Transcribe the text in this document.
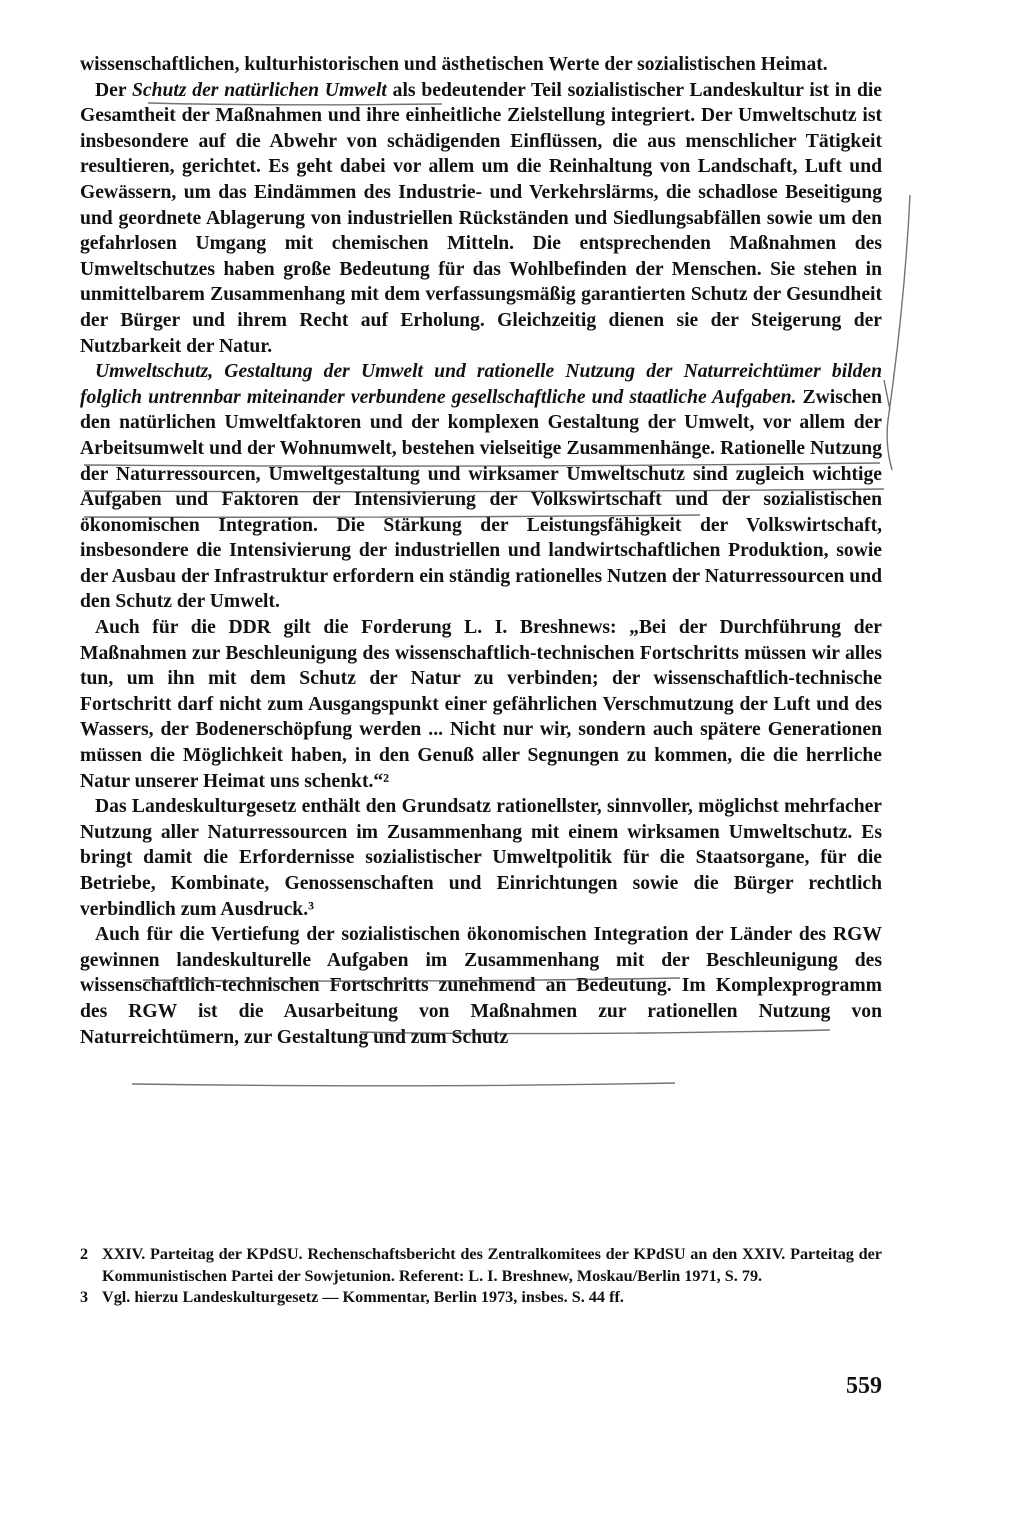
wissenschaftlichen, kulturhistorischen und ästhetischen Werte der sozialistischen Heimat.

Der Schutz der natürlichen Umwelt als bedeutender Teil sozialistischer Landeskultur ist in die Gesamtheit der Maßnahmen und ihre einheitliche Zielstellung integriert. Der Umweltschutz ist insbesondere auf die Abwehr von schädigenden Einflüssen, die aus menschlicher Tätigkeit resultieren, gerichtet. Es geht dabei vor allem um die Reinhaltung von Landschaft, Luft und Gewässern, um das Eindämmen des Industrie- und Verkehrslärms, die schadlose Beseitigung und geordnete Ablagerung von industriellen Rückständen und Siedlungsabfällen sowie um den gefahrlosen Umgang mit chemischen Mitteln. Die entsprechenden Maßnahmen des Umweltschutzes haben große Bedeutung für das Wohlbefinden der Menschen. Sie stehen in unmittelbarem Zusammenhang mit dem verfassungsmäßig garantierten Schutz der Gesundheit der Bürger und ihrem Recht auf Erholung. Gleichzeitig dienen sie der Steigerung der Nutzbarkeit der Natur.

Umweltschutz, Gestaltung der Umwelt und rationelle Nutzung der Naturreichtümer bilden folglich untrennbar miteinander verbundene gesellschaftliche und staatliche Aufgaben. Zwischen den natürlichen Umweltfaktoren und der komplexen Gestaltung der Umwelt, vor allem der Arbeitsumwelt und der Wohnumwelt, bestehen vielseitige Zusammenhänge. Rationelle Nutzung der Naturressourcen, Umweltgestaltung und wirksamer Umweltschutz sind zugleich wichtige Aufgaben und Faktoren der Intensivierung der Volkswirtschaft und der sozialistischen ökonomischen Integration. Die Stärkung der Leistungsfähigkeit der Volkswirtschaft, insbesondere die Intensivierung der industriellen und landwirtschaftlichen Produktion, sowie der Ausbau der Infrastruktur erfordern ein ständig rationelles Nutzen der Naturressourcen und den Schutz der Umwelt.

Auch für die DDR gilt die Forderung L. I. Breshnews: „Bei der Durchführung der Maßnahmen zur Beschleunigung des wissenschaftlich-technischen Fortschritts müssen wir alles tun, um ihn mit dem Schutz der Natur zu verbinden; der wissenschaftlich-technische Fortschritt darf nicht zum Ausgangspunkt einer gefährlichen Verschmutzung der Luft und des Wassers, der Bodenerschöpfung werden ... Nicht nur wir, sondern auch spätere Generationen müssen die Möglichkeit haben, in den Genuß aller Segnungen zu kommen, die die herrliche Natur unserer Heimat uns schenkt.“²

Das Landeskulturgesetz enthält den Grundsatz rationellster, sinnvoller, möglichst mehrfacher Nutzung aller Naturressourcen im Zusammenhang mit einem wirksamen Umweltschutz. Es bringt damit die Erfordernisse sozialistischer Umweltpolitik für die Staatsorgane, für die Betriebe, Kombinate, Genossenschaften und Einrichtungen sowie die Bürger rechtlich verbindlich zum Ausdruck.³

Auch für die Vertiefung der sozialistischen ökonomischen Integration der Länder des RGW gewinnen landeskulturelle Aufgaben im Zusammenhang mit der Beschleunigung des wissenschaftlich-technischen Fortschritts zunehmend an Bedeutung. Im Komplexprogramm des RGW ist die Ausarbeitung von Maßnahmen zur rationellen Nutzung von Naturreichtümern, zur Gestaltung und zum Schutz

2 XXIV. Parteitag der KPdSU. Rechenschaftsbericht des Zentralkomitees der KPdSU an den XXIV. Parteitag der Kommunistischen Partei der Sowjetunion. Referent: L. I. Breshnew, Moskau/Berlin 1971, S. 79.
3 Vgl. hierzu Landeskulturgesetz — Kommentar, Berlin 1973, insbes. S. 44 ff.
559
